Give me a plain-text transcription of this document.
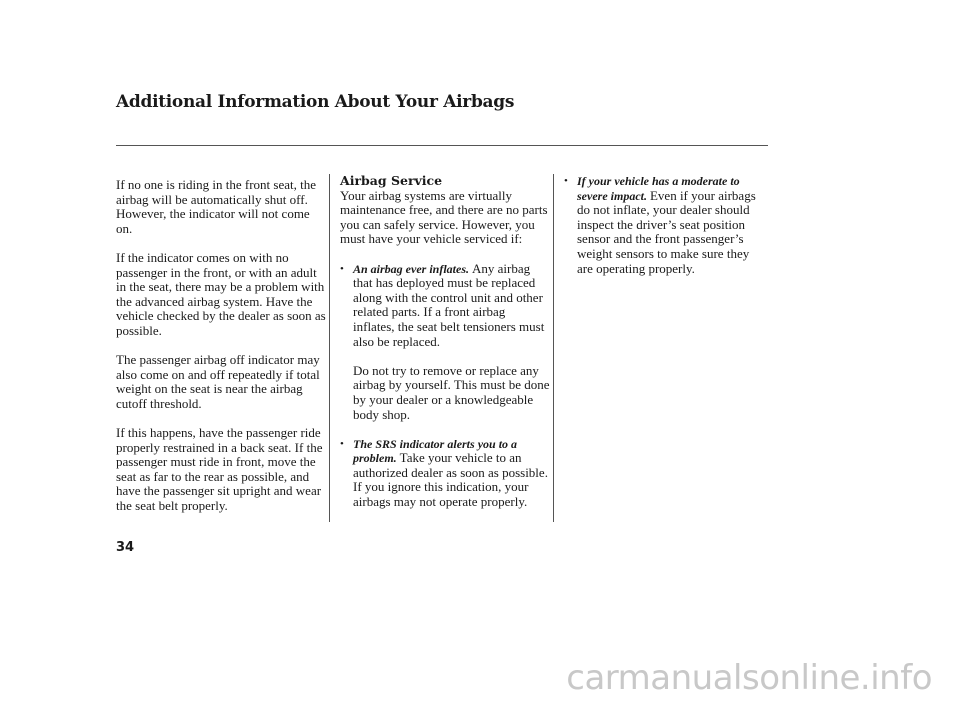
Additional Information About Your Airbags

If no one is riding in the front seat, the airbag will be automatically shut off. However, the indicator will not come on.

If the indicator comes on with no passenger in the front, or with an adult in the seat, there may be a problem with the advanced airbag system. Have the vehicle checked by the dealer as soon as possible.

The passenger airbag off indicator may also come on and off repeatedly if total weight on the seat is near the airbag cutoff threshold.

If this happens, have the passenger ride properly restrained in a back seat. If the passenger must ride in front, move the seat as far to the rear as possible, and have the passenger sit upright and wear the seat belt properly.

Airbag Service

Your airbag systems are virtually maintenance free, and there are no parts you can safely service. However, you must have your vehicle serviced if:

• An airbag ever inflates. Any airbag that has deployed must be replaced along with the control unit and other related parts. If a front airbag inflates, the seat belt tensioners must also be replaced.

Do not try to remove or replace any airbag by yourself. This must be done by your dealer or a knowledgeable body shop.

• The SRS indicator alerts you to a problem. Take your vehicle to an authorized dealer as soon as possible. If you ignore this indication, your airbags may not operate properly.
• If your vehicle has a moderate to severe impact. Even if your airbags do not inflate, your dealer should inspect the driver’s seat position sensor and the front passenger’s weight sensors to make sure they are operating properly.
34
carmanualsonline.info
